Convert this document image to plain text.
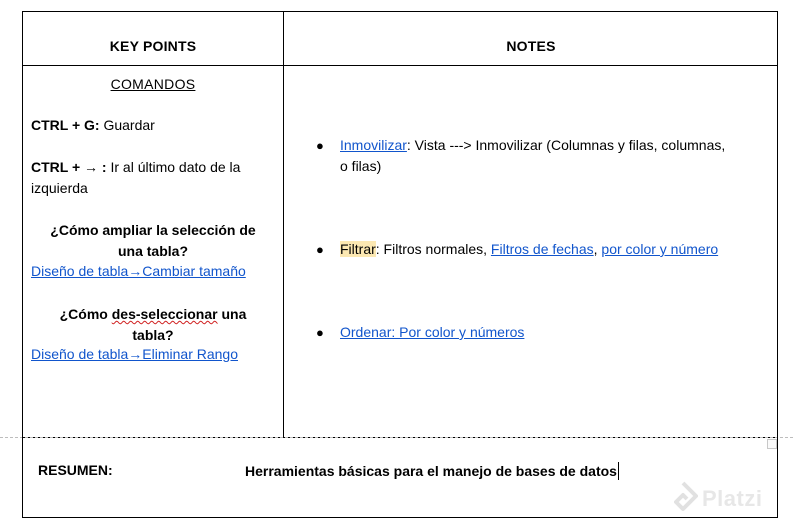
KEY POINTS	NOTES
COMANDOS
CTRL + G: Guardar
CTRL + → : Ir al último dato de la
izquierda
¿Cómo ampliar la selección de
una tabla?
Diseño de tabla→Cambiar tamaño
¿Cómo des-seleccionar una
tabla?
Diseño de tabla→Eliminar Rango
● Inmovilizar: Vista ---> Inmovilizar (Columnas y filas, columnas,
o filas)
● Filtrar: Filtros normales, Filtros de fechas, por color y número
● Ordenar: Por color y números
RESUMEN:	Herramientas básicas para el manejo de bases de datos
Platzi
